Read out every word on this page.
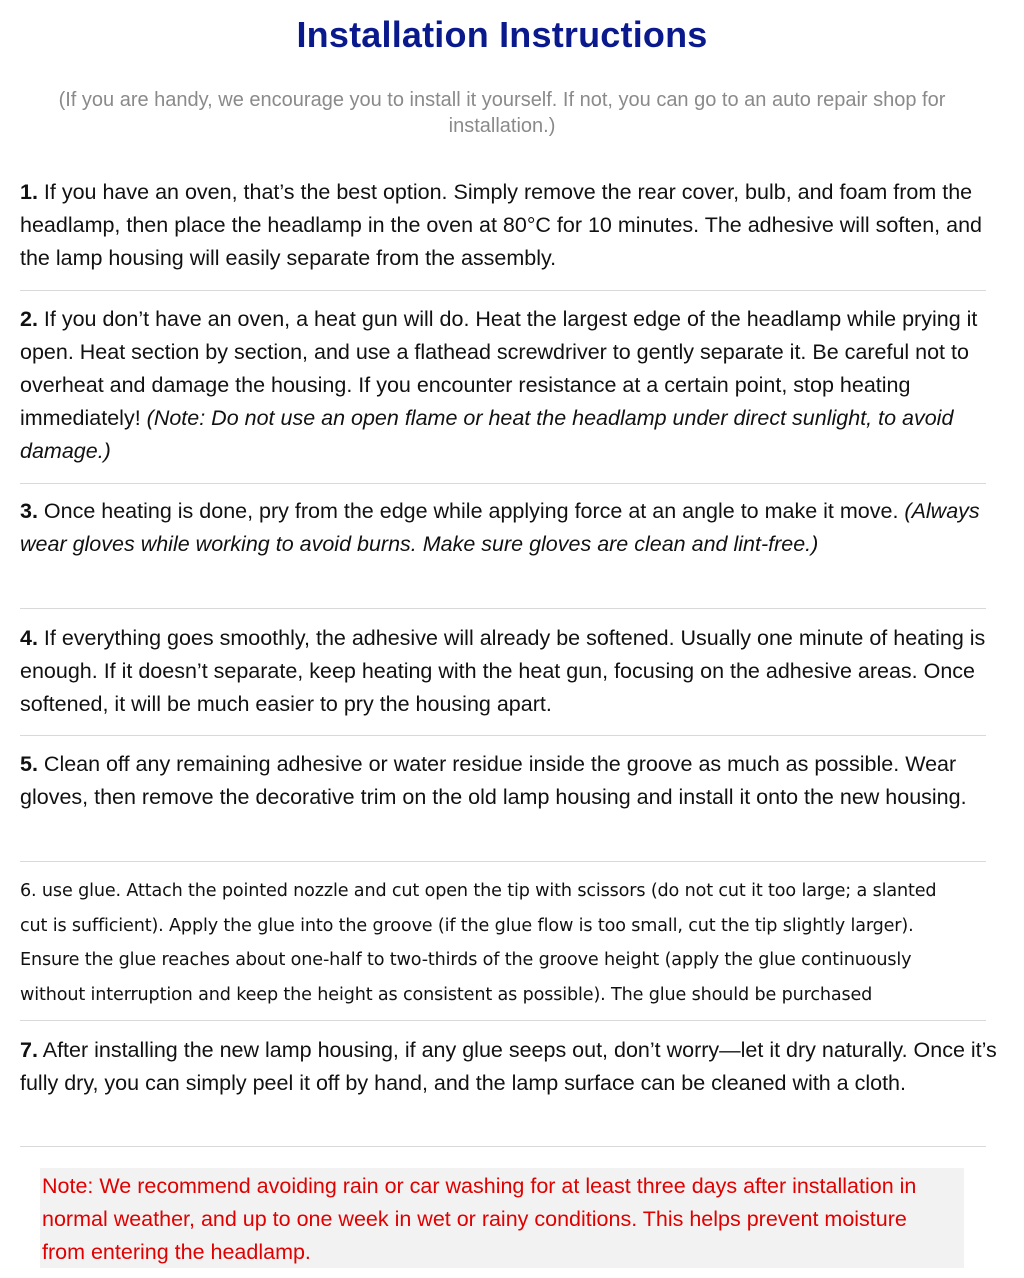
Installation Instructions
(If you are handy, we encourage you to install it yourself. If not, you can go to an auto repair shop for installation.)
1. If you have an oven, that’s the best option. Simply remove the rear cover, bulb, and foam from the headlamp, then place the headlamp in the oven at 80°C for 10 minutes. The adhesive will soften, and the lamp housing will easily separate from the assembly.
2. If you don’t have an oven, a heat gun will do. Heat the largest edge of the headlamp while prying it open. Heat section by section, and use a flathead screwdriver to gently separate it. Be careful not to overheat and damage the housing. If you encounter resistance at a certain point, stop heating immediately! (Note: Do not use an open flame or heat the headlamp under direct sunlight, to avoid damage.)
3. Once heating is done, pry from the edge while applying force at an angle to make it move. (Always wear gloves while working to avoid burns. Make sure gloves are clean and lint-free.)
4. If everything goes smoothly, the adhesive will already be softened. Usually one minute of heating is enough. If it doesn’t separate, keep heating with the heat gun, focusing on the adhesive areas. Once softened, it will be much easier to pry the housing apart.
5. Clean off any remaining adhesive or water residue inside the groove as much as possible. Wear gloves, then remove the decorative trim on the old lamp housing and install it onto the new housing.
6. use glue. Attach the pointed nozzle and cut open the tip with scissors (do not cut it too large; a slanted
cut is sufficient). Apply the glue into the groove (if the glue flow is too small, cut the tip slightly larger).
Ensure the glue reaches about one-half to two-thirds of the groove height (apply the glue continuously
without interruption and keep the height as consistent as possible). The glue should be purchased
7. After installing the new lamp housing, if any glue seeps out, don’t worry—let it dry naturally. Once it’s fully dry, you can simply peel it off by hand, and the lamp surface can be cleaned with a cloth.
Note: We recommend avoiding rain or car washing for at least three days after installation in normal weather, and up to one week in wet or rainy conditions. This helps prevent moisture from entering the headlamp.
